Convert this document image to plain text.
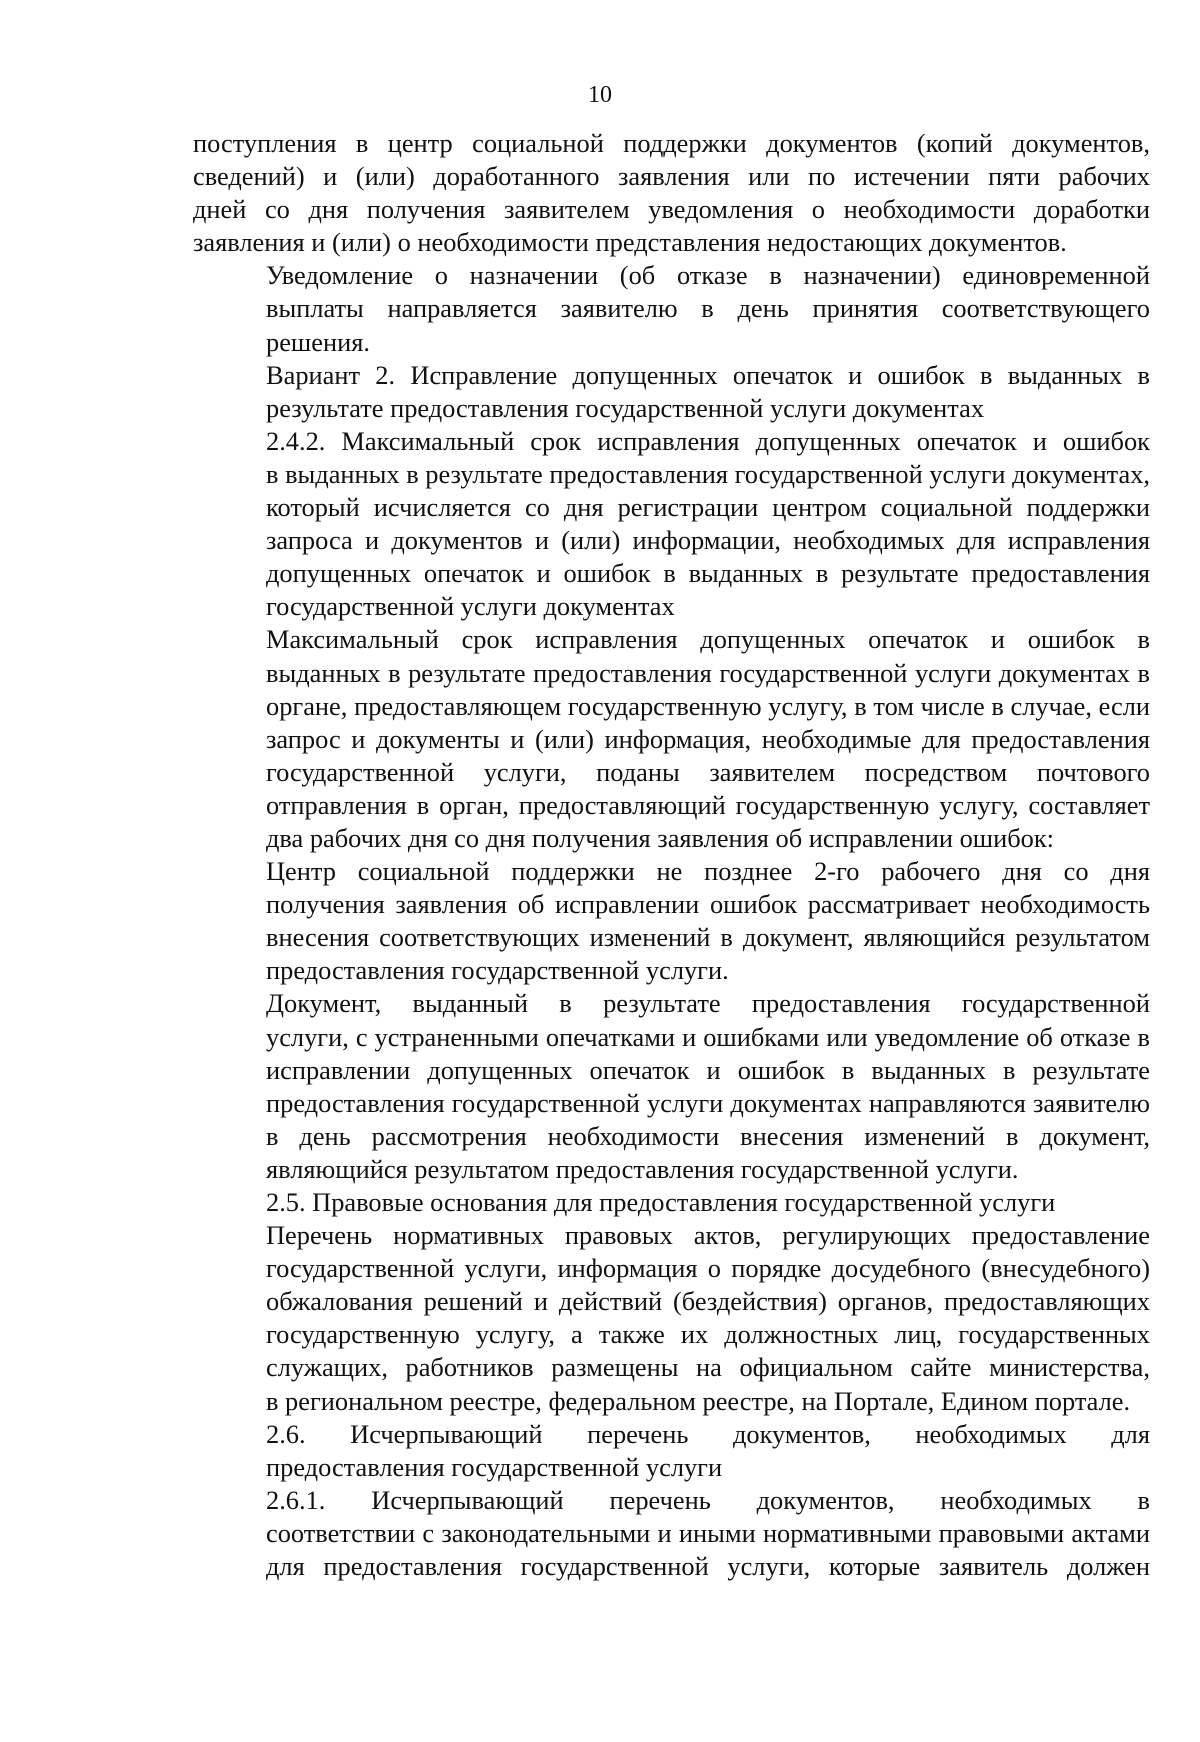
10
поступления в центр социальной поддержки документов (копий документов,
сведений) и (или) доработанного заявления или по истечении пяти рабочих
дней со дня получения заявителем уведомления о необходимости доработки
заявления и (или) о необходимости представления недостающих документов.
Уведомление о назначении (об отказе в назначении) единовременной
выплаты направляется заявителю в день принятия соответствующего
решения.
Вариант 2. Исправление допущенных опечаток и ошибок в выданных в
результате предоставления государственной услуги документах
2.4.2. Максимальный срок исправления допущенных опечаток и ошибок
в выданных в результате предоставления государственной услуги документах,
который исчисляется со дня регистрации центром социальной поддержки
запроса и документов и (или) информации, необходимых для исправления
допущенных опечаток и ошибок в выданных в результате предоставления
государственной услуги документах
Максимальный срок исправления допущенных опечаток и ошибок в
выданных в результате предоставления государственной услуги документах в
органе, предоставляющем государственную услугу, в том числе в случае, если
запрос и документы и (или) информация, необходимые для предоставления
государственной услуги, поданы заявителем посредством почтового
отправления в орган, предоставляющий государственную услугу, составляет
два рабочих дня со дня получения заявления об исправлении ошибок:
Центр социальной поддержки не позднее 2-го рабочего дня со дня
получения заявления об исправлении ошибок рассматривает необходимость
внесения соответствующих изменений в документ, являющийся результатом
предоставления государственной услуги.
Документ, выданный в результате предоставления государственной
услуги, с устраненными опечатками и ошибками или уведомление об отказе в
исправлении допущенных опечаток и ошибок в выданных в результате
предоставления государственной услуги документах направляются заявителю
в день рассмотрения необходимости внесения изменений в документ,
являющийся результатом предоставления государственной услуги.
2.5. Правовые основания для предоставления государственной услуги
Перечень нормативных правовых актов, регулирующих предоставление
государственной услуги, информация о порядке досудебного (внесудебного)
обжалования решений и действий (бездействия) органов, предоставляющих
государственную услугу, а также их должностных лиц, государственных
служащих, работников размещены на официальном сайте министерства,
в региональном реестре, федеральном реестре, на Портале, Едином портале.
2.6. Исчерпывающий перечень документов, необходимых для
предоставления государственной услуги
2.6.1. Исчерпывающий перечень документов, необходимых в
соответствии с законодательными и иными нормативными правовыми актами
для предоставления государственной услуги, которые заявитель должен
